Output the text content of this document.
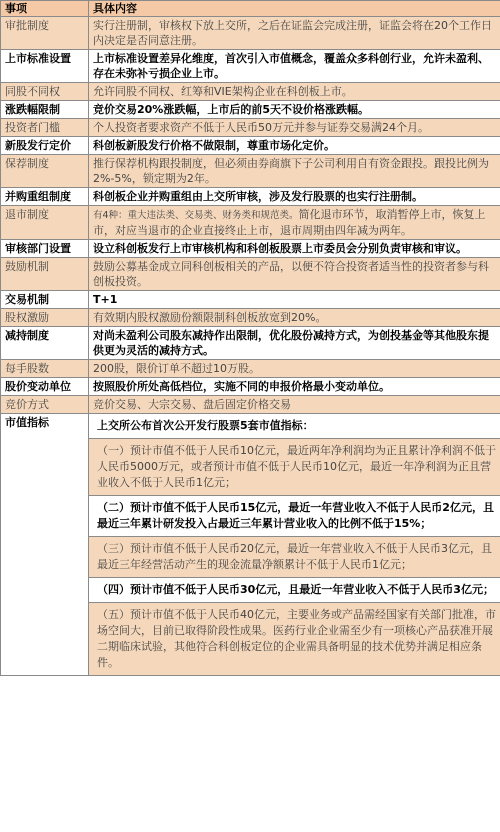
事项	具体内容
审批制度	实行注册制，审核权下放上交所，之后在证监会完成注册，证监会将在20个工作日内决定是否同意注册。
上市标准设置	上市标准设置差异化维度，首次引入市值概念，覆盖众多科创行业，允许未盈利、存在未弥补亏损企业上市。
同股不同权	允许同股不同权、红筹和VIE架构企业在科创板上市。
涨跌幅限制	竞价交易20%涨跌幅，上市后的前5天不设价格涨跌幅。
投资者门槛	个人投资者要求资产不低于人民币50万元并参与证券交易满24个月。
新股发行定价	科创板新股发行价格不做限制，尊重市场化定价。
保荐制度	推行保荐机构跟投制度，但必须由券商旗下子公司利用自有资金跟投。跟投比例为2%-5%，锁定期为2年。
并购重组制度	科创板企业并购重组由上交所审核，涉及发行股票的也实行注册制。
退市制度	有4种：重大违法类、交易类、财务类和规范类。简化退市环节，取消暂停上市，恢复上市，对应当退市的企业直接终止上市，退市周期由四年减为两年。
审核部门设置	设立科创板发行上市审核机构和科创板股票上市委员会分别负责审核和审议。
鼓励机制	鼓励公募基金成立同科创板相关的产品，以便不符合投资者适当性的投资者参与科创板投资。
交易机制	T+1
股权激励	有效期内股权激励份额限制科创板放宽到20%。
减持制度	对尚未盈利公司股东减持作出限制，优化股份减持方式，为创投基金等其他股东提供更为灵活的减持方式。
每手股数	200股，限价订单不超过10万股。
股价变动单位	按照股价所处高低档位，实施不同的申报价格最小变动单位。
竞价方式	竞价交易、大宗交易、盘后固定价格交易
市值指标	上交所公布首次公开发行股票5套市值指标：
	（一）预计市值不低于人民币10亿元，最近两年净利润均为正且累计净利润不低于人民币5000万元，或者预计市值不低于人民币10亿元，最近一年净利润为正且营业收入不低于人民币1亿元；
	（二）预计市值不低于人民币15亿元，最近一年营业收入不低于人民币2亿元，且最近三年累计研发投入占最近三年累计营业收入的比例不低于15%；
	（三）预计市值不低于人民币20亿元，最近一年营业收入不低于人民币3亿元，且最近三年经营活动产生的现金流量净额累计不低于人民币1亿元；
	（四）预计市值不低于人民币30亿元，且最近一年营业收入不低于人民币3亿元；
	（五）预计市值不低于人民币40亿元，主要业务或产品需经国家有关部门批准，市场空间大，目前已取得阶段性成果。医药行业企业需至少有一项核心产品获准开展二期临床试验，其他符合科创板定位的企业需具备明显的技术优势并满足相应条件。
